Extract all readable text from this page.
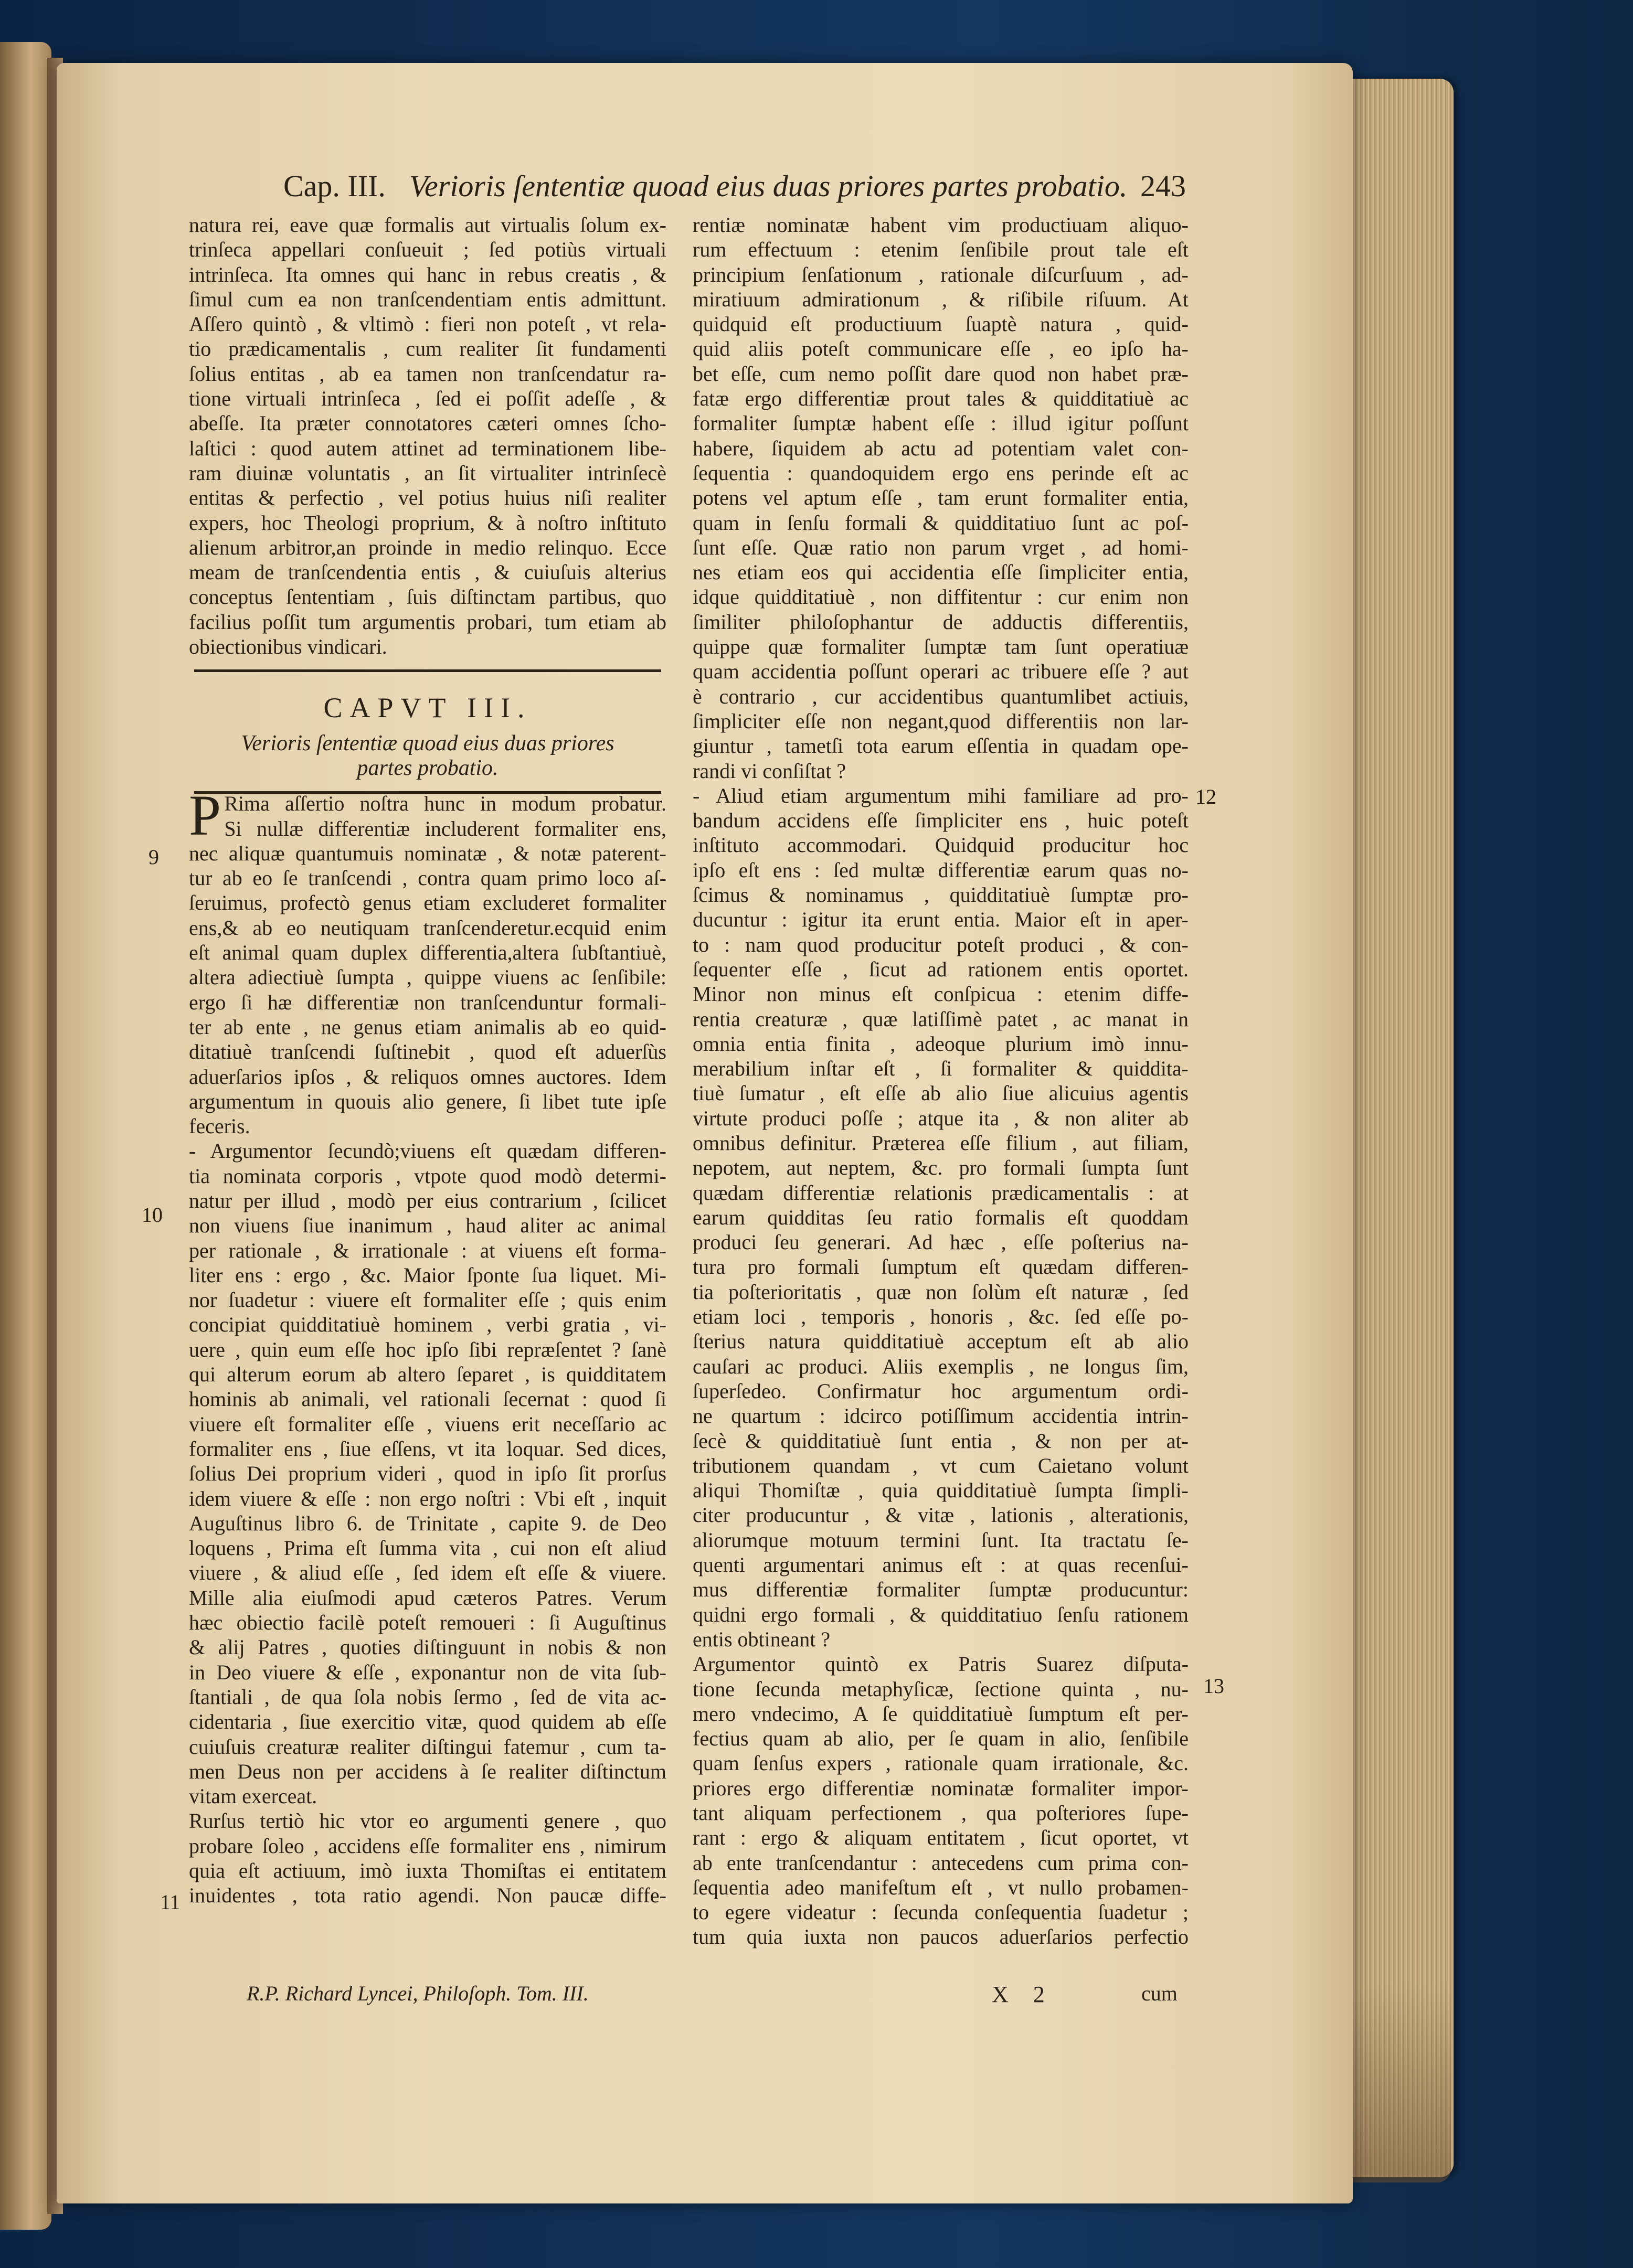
Cap. III. Verioris ſententiæ quoad eius duas priores partes probatio. 243
natura rei, eave quæ formalis aut virtualis ſolum ex-
trinſeca appellari conſueuit ; ſed potiùs virtuali
intrinſeca. Ita omnes qui hanc in rebus creatis , &
ſimul cum ea non tranſcendentiam entis admittunt.
Aſſero quintò , & vltimò : fieri non poteſt , vt rela-
tio prædicamentalis , cum realiter ſit fundamenti
ſolius entitas , ab ea tamen non tranſcendatur ra-
tione virtuali intrinſeca , ſed ei poſſit adeſſe , &
abeſſe. Ita præter connotatores cæteri omnes ſcho-
laſtici : quod autem attinet ad terminationem libe-
ram diuinæ voluntatis , an ſit virtualiter intrinſecè
entitas & perfectio , vel potius huius niſi realiter
expers, hoc Theologi proprium, & à noſtro inſtituto
alienum arbitror,an proinde in medio relinquo. Ecce
meam de tranſcendentia entis , & cuiuſuis alterius
conceptus ſententiam , ſuis diſtinctam partibus, quo
facilius poſſit tum argumentis probari, tum etiam ab
obiectionibus vindicari.
CAPVT III.
Verioris ſententiæ quoad eius duas priores
partes probatio.
P Rima aſſertio noſtra hunc in modum probatur.
Si nullæ differentiæ includerent formaliter ens,
nec aliquæ quantumuis nominatæ , & notæ paterent-
tur ab eo ſe tranſcendi , contra quam primo loco aſ-
ſeruimus, profectò genus etiam excluderet formaliter
ens,& ab eo neutiquam tranſcenderetur.ecquid enim
eſt animal quam duplex differentia,altera ſubſtantiuè,
altera adiectiuè ſumpta , quippe viuens ac ſenſibile:
ergo ſi hæ differentiæ non tranſcenduntur formali-
ter ab ente , ne genus etiam animalis ab eo quid-
ditatiuè tranſcendi ſuſtinebit , quod eſt aduerſùs
aduerſarios ipſos , & reliquos omnes auctores. Idem
argumentum in quouis alio genere, ſi libet tute ipſe
feceris.
- Argumentor ſecundò;viuens eſt quædam differen-
tia nominata corporis , vtpote quod modò determi-
natur per illud , modò per eius contrarium , ſcilicet
non viuens ſiue inanimum , haud aliter ac animal
per rationale , & irrationale : at viuens eſt forma-
liter ens : ergo , &c. Maior ſponte ſua liquet. Mi-
nor ſuadetur : viuere eſt formaliter eſſe ; quis enim
concipiat quidditatiuè hominem , verbi gratia , vi-
uere , quin eum eſſe hoc ipſo ſibi repræſentet ? ſanè
qui alterum eorum ab altero ſeparet , is quidditatem
hominis ab animali, vel rationali ſecernat : quod ſi
viuere eſt formaliter eſſe , viuens erit neceſſario ac
formaliter ens , ſiue eſſens, vt ita loquar. Sed dices,
ſolius Dei proprium videri , quod in ipſo ſit prorſus
idem viuere & eſſe : non ergo noſtri : Vbi eſt , inquit
Auguſtinus libro 6. de Trinitate , capite 9. de Deo
loquens , Prima eſt ſumma vita , cui non eſt aliud
viuere , & aliud eſſe , ſed idem eſt eſſe & viuere.
Mille alia eiuſmodi apud cæteros Patres. Verum
hæc obiectio facilè poteſt remoueri : ſi Auguſtinus
& alij Patres , quoties diſtinguunt in nobis & non
in Deo viuere & eſſe , exponantur non de vita ſub-
ſtantiali , de qua ſola nobis ſermo , ſed de vita ac-
cidentaria , ſiue exercitio vitæ, quod quidem ab eſſe
cuiuſuis creaturæ realiter diſtingui fatemur , cum ta-
men Deus non per accidens à ſe realiter diſtinctum
vitam exerceat.
Rurſus tertiò hic vtor eo argumenti genere , quo
probare ſoleo , accidens eſſe formaliter ens , nimirum
quia eſt actiuum, imò iuxta Thomiſtas ei entitatem
inuidentes , tota ratio agendi. Non paucæ diffe-
rentiæ nominatæ habent vim productiuam aliquo-
rum effectuum : etenim ſenſibile prout tale eſt
principium ſenſationum , rationale diſcurſuum , ad-
miratiuum admirationum , & riſibile riſuum. At
quidquid eſt productiuum ſuaptè natura , quid-
quid aliis poteſt communicare eſſe , eo ipſo ha-
bet eſſe, cum nemo poſſit dare quod non habet præ-
fatæ ergo differentiæ prout tales & quidditatiuè ac
formaliter ſumptæ habent eſſe : illud igitur poſſunt
habere, ſiquidem ab actu ad potentiam valet con-
ſequentia : quandoquidem ergo ens perinde eſt ac
potens vel aptum eſſe , tam erunt formaliter entia,
quam in ſenſu formali & quidditatiuo ſunt ac poſ-
ſunt eſſe. Quæ ratio non parum vrget , ad homi-
nes etiam eos qui accidentia eſſe ſimpliciter entia,
idque quidditatiuè , non diffitentur : cur enim non
ſimiliter philoſophantur de adductis differentiis,
quippe quæ formaliter ſumptæ tam ſunt operatiuæ
quam accidentia poſſunt operari ac tribuere eſſe ? aut
è contrario , cur accidentibus quantumlibet actiuis,
ſimpliciter eſſe non negant,quod differentiis non lar-
giuntur , tametſi tota earum eſſentia in quadam ope-
randi vi conſiſtat ?
- Aliud etiam argumentum mihi familiare ad pro-
bandum accidens eſſe ſimpliciter ens , huic poteſt
inſtituto accommodari. Quidquid producitur hoc
ipſo eſt ens : ſed multæ differentiæ earum quas no-
ſcimus & nominamus , quidditatiuè ſumptæ pro-
ducuntur : igitur ita erunt entia. Maior eſt in aper-
to : nam quod producitur poteſt produci , & con-
ſequenter eſſe , ſicut ad rationem entis oportet.
Minor non minus eſt conſpicua : etenim diffe-
rentia creaturæ , quæ latiſſimè patet , ac manat in
omnia entia finita , adeoque plurium imò innu-
merabilium inſtar eſt , ſi formaliter & quiddita-
tiuè ſumatur , eſt eſſe ab alio ſiue alicuius agentis
virtute produci poſſe ; atque ita , & non aliter ab
omnibus definitur. Præterea eſſe filium , aut filiam,
nepotem, aut neptem, &c. pro formali ſumpta ſunt
quædam differentiæ relationis prædicamentalis : at
earum quidditas ſeu ratio formalis eſt quoddam
produci ſeu generari. Ad hæc , eſſe poſterius na-
tura pro formali ſumptum eſt quædam differen-
tia poſterioritatis , quæ non ſolùm eſt naturæ , ſed
etiam loci , temporis , honoris , &c. ſed eſſe po-
ſterius natura quidditatiuè acceptum eſt ab alio
cauſari ac produci. Aliis exemplis , ne longus ſim,
ſuperſedeo. Confirmatur hoc argumentum ordi-
ne quartum : idcirco potiſſimum accidentia intrin-
ſecè & quidditatiuè ſunt entia , & non per at-
tributionem quandam , vt cum Caietano volunt
aliqui Thomiſtæ , quia quidditatiuè ſumpta ſimpli-
citer producuntur , & vitæ , lationis , alterationis,
aliorumque motuum termini ſunt. Ita tractatu ſe-
quenti argumentari animus eſt : at quas recenſui-
mus differentiæ formaliter ſumptæ producuntur:
quidni ergo formali , & quidditatiuo ſenſu rationem
entis obtineant ?
Argumentor quintò ex Patris Suarez diſputa-
tione ſecunda metaphyſicæ, ſectione quinta , nu-
mero vndecimo, A ſe quidditatiuè ſumptum eſt per-
fectius quam ab alio, per ſe quam in alio, ſenſibile
quam ſenſus expers , rationale quam irrationale, &c.
priores ergo differentiæ nominatæ formaliter impor-
tant aliquam perfectionem , qua poſteriores ſupe-
rant : ergo & aliquam entitatem , ſicut oportet, vt
ab ente tranſcendantur : antecedens cum prima con-
ſequentia adeo manifeſtum eſt , vt nullo probamen-
to egere videatur : ſecunda conſequentia ſuadetur ;
tum quia iuxta non paucos aduerſarios perfectio
9
10
11
12
13
R.P. Richard Lyncei, Philoſoph. Tom. III.	X 2	cum
